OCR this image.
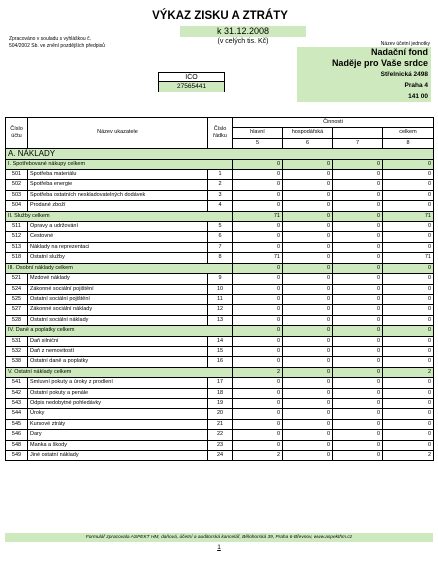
VÝKAZ ZISKU A ZTRÁTY
k 31.12.2008
(v celých tis. Kč)
Zpracováno v souladu s vyhláškou č. 504/2002 Sb. ve znění pozdějších předpisů	Název účetní jednotky
Nadační fond
Naděje pro Vaše srdce
Střelnická 2498
Praha 4
141 00
IČO
27565441
Číslo účtu	Název ukazatele	Číslo řádku	Činnosti			
			hlavní	hospodářská		celkem
			5	6	7	8
A. NÁKLADY						
I. Spotřebované nákupy celkem			0	0	0	0
501	Spotřeba materiálu	1	0	0	0	0
502	Spotřeba energie	2	0	0	0	0
503	Spotřeba ostatních neskladovatelných dodávek	3	0	0	0	0
504	Prodané zboží	4	0	0	0	0
II. Služby celkem			71	0	0	71
511	Opravy a udržování	5	0	0	0	0
512	Cestovné	6	0	0	0	0
513	Náklady na reprezentaci	7	0	0	0	0
518	Ostatní služby	8	71	0	0	71
III. Osobní náklady celkem			0	0	0	0
521	Mzdové náklady	9	0	0	0	0
524	Zákonné sociální pojištění	10	0	0	0	0
525	Ostatní sociální pojištění	11	0	0	0	0
527	Zákonné sociální náklady	12	0	0	0	0
528	Ostatní sociální náklady	13	0	0	0	0
IV. Daně a poplatky celkem			0	0	0	0
531	Daň silniční	14	0	0	0	0
532	Daň z nemovitostí	15	0	0	0	0
538	Ostatní daně a poplatky	16	0	0	0	0
V. Ostatní náklady celkem			2	0	0	2
541	Smluvní pokuty a úroky z prodlení	17	0	0	0	0
542	Ostatní pokuty a penále	18	0	0	0	0
543	Odpis nedobytné pohledávky	19	0	0	0	0
544	Úroky	20	0	0	0	0
545	Kursové ztráty	21	0	0	0	0
546	Dary	22	0	0	0	0
548	Manka a škody	23	0	0	0	0
549	Jiné ostatní náklady	24	2	0	0	2
Formulář zpracovala ASPEKT HM, daňová, účetní a auditorská kancelář, Bělohorská 39, Praha 6-Břevnov, www.aspekthm.cz
1
